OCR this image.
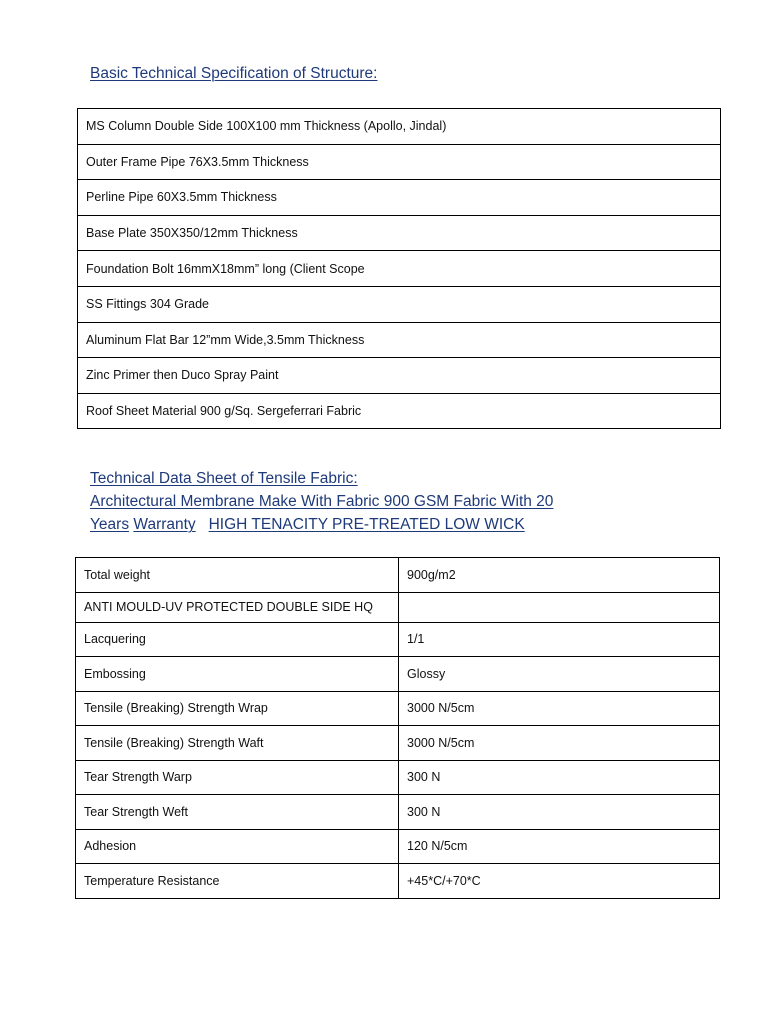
Basic Technical Specification of Structure:
MS Column Double Side 100X100 mm Thickness (Apollo, Jindal)
Outer Frame Pipe 76X3.5mm Thickness
Perline Pipe 60X3.5mm Thickness
Base Plate 350X350/12mm Thickness
Foundation Bolt 16mmX18mm” long (Client Scope
SS Fittings 304 Grade
Aluminum Flat Bar 12”mm Wide,3.5mm Thickness
Zinc Primer then Duco Spray Paint
Roof Sheet Material 900 g/Sq. Sergeferrari Fabric
Technical Data Sheet of Tensile Fabric:
Architectural Membrane Make With Fabric 900 GSM Fabric With 20
Years Warranty HIGH TENACITY PRE-TREATED LOW WICK
Total weight	900g/m2
ANTI MOULD-UV PROTECTED DOUBLE SIDE HQ	
Lacquering	1/1
Embossing	Glossy
Tensile (Breaking) Strength Wrap	3000 N/5cm
Tensile (Breaking) Strength Waft	3000 N/5cm
Tear Strength Warp	300 N
Tear Strength Weft	300 N
Adhesion	120 N/5cm
Temperature Resistance	+45*C/+70*C
